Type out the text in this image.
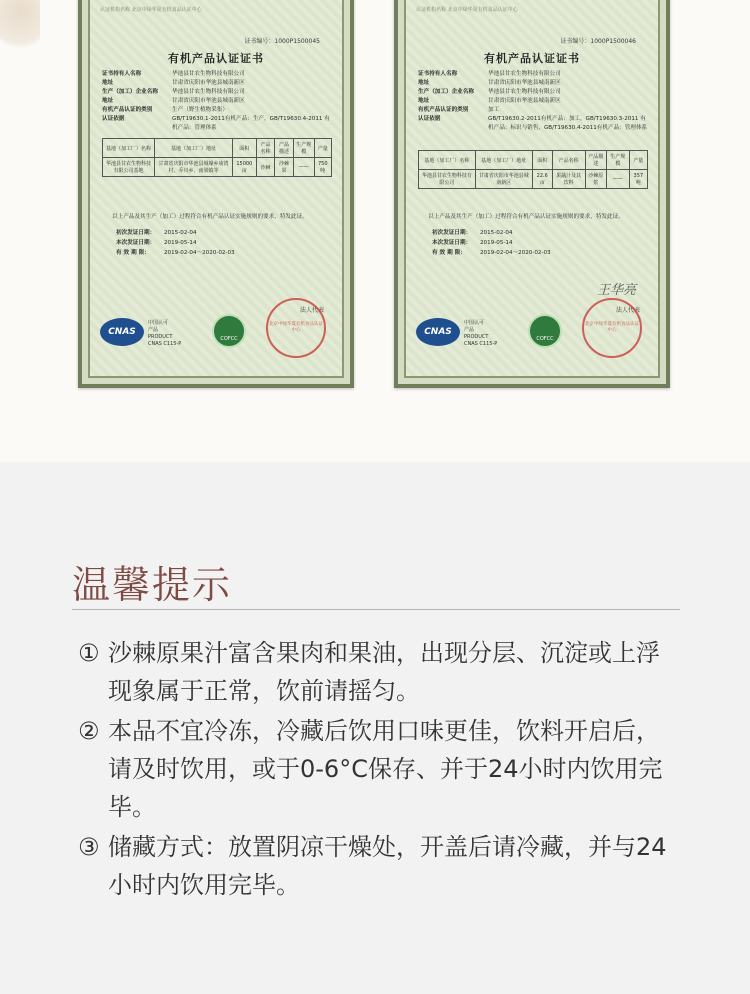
认证机构名称 北京中绿华夏有机食品认证中心
证书编号：1000P1500045
有机产品认证证书
证书持有人名称	华池县甘农生物科技有限公司
地址	甘肃省庆阳市华池县城南新区
生产（加工）企业名称	华池县甘农生物科技有限公司
地址	甘肃省庆阳市华池县城南新区
有机产品认证的类别	生产（野生植物采集）
认证依据	GB/T19630.1-2011有机产品：生产，GB/T19630.4-2011 有机产品：管理体系
基地（加工厂）名称	基地（加工厂）地址	面积	产品名称	产品描述	生产规模	产量
华池县甘农生物科技有限公司基地	甘肃省庆阳市华池县城壕乡庙湾村、乔川乡、南梁镇等	15000亩	沙棘	沙棘果	——	750吨
以上产品及其生产（加工）过程符合有机产品认证实施规则的要求，特发此证。
初次发证日期： 2015-02-04
本次发证日期： 2019-05-14
有 效 期 限：	2019-02-04～2020-02-03
CNAS
中国认可
产品
PRODUCT
CNAS C115-P
COFCC
法人代表
北京中绿华夏有机食品认证中心
认证机构名称 北京中绿华夏有机食品认证中心
证书编号：1000P1500046
有机产品认证证书
证书持有人名称	华池县甘农生物科技有限公司
地址	甘肃省庆阳市华池县城南新区
生产（加工）企业名称	华池县甘农生物科技有限公司
地址	甘肃省庆阳市华池县城南新区
有机产品认证的类别	加工
认证依据	GB/T19630.2-2011有机产品：加工，GB/T19630.3-2011 有机产品：标识与销售，GB/T19630.4-2011有机产品：管理体系
基地（加工厂）名称	基地（加工厂）地址	面积	产品名称	产品描述	生产规模	产量
华池县甘农生物科技有限公司	甘肃省庆阳市华池县城南新区	22.6亩	果蔬汁及其饮料	沙棘原浆	——	357吨
以上产品及其生产（加工）过程符合有机产品认证实施规则的要求，特发此证。
初次发证日期： 2015-02-04
本次发证日期： 2019-05-14
有 效 期 限：	2019-02-04～2020-02-03
王华亮
CNAS
中国认可
产品
PRODUCT
CNAS C115-P
COFCC
法人代表
北京中绿华夏有机食品认证中心
温馨提示
① 沙棘原果汁富含果肉和果油，出现分层、沉淀或上浮现象属于正常，饮前请摇匀。
② 本品不宜冷冻，冷藏后饮用口味更佳，饮料开启后，请及时饮用，或于0-6°C保存、并于24小时内饮用完毕。
③ 储藏方式：放置阴凉干燥处，开盖后请冷藏，并与24小时内饮用完毕。
